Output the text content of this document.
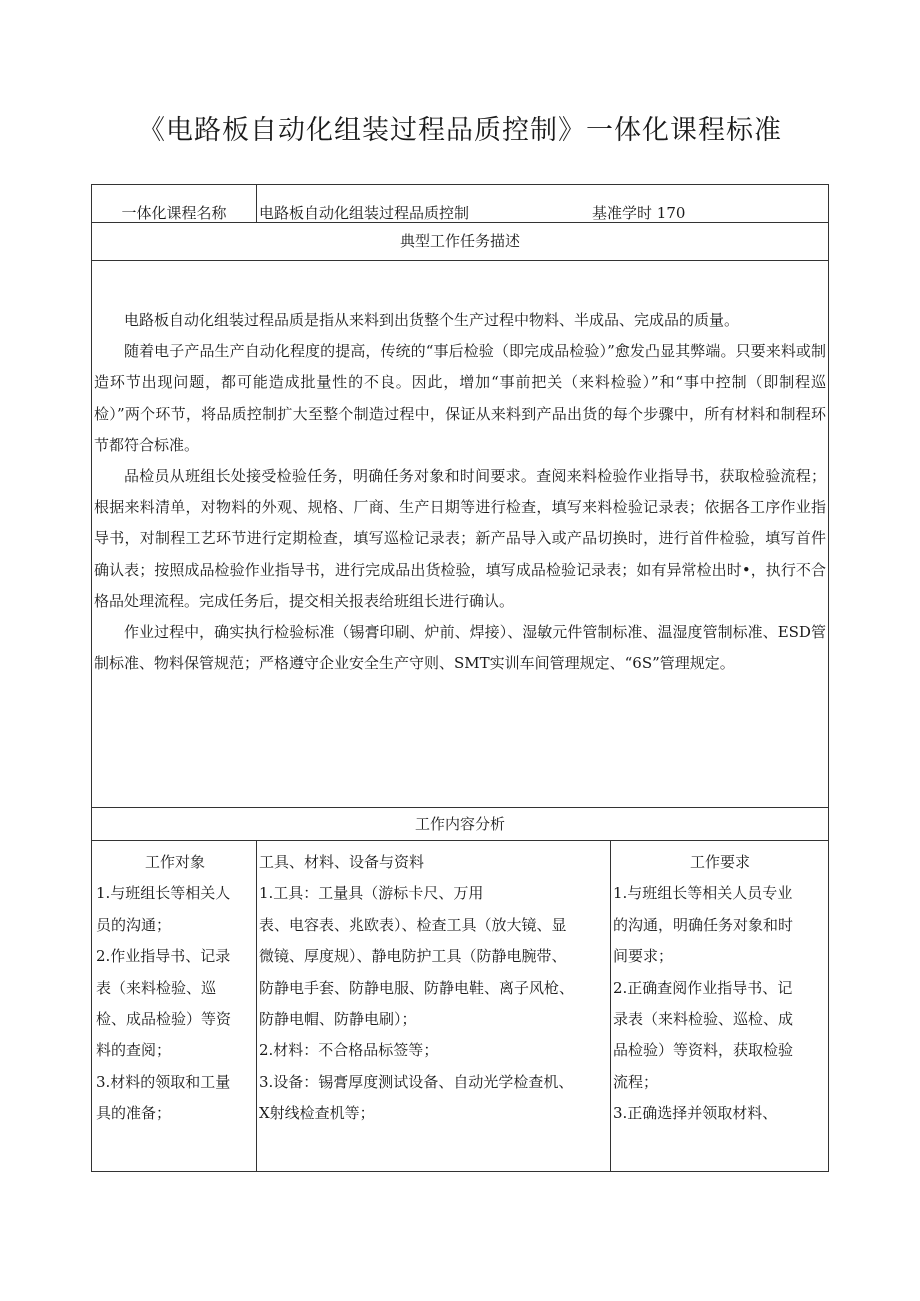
《电路板自动化组装过程品质控制》一体化课程标准
一体化课程名称	电路板自动化组装过程品质控制	基准学时 170
典型工作任务描述

电路板自动化组装过程品质是指从来料到出货整个生产过程中物料、半成品、完成品的质量。

随着电子产品生产自动化程度的提高，传统的“事后检验（即完成品检验）”愈发凸显其弊端。只要来料或制造环节出现问题，都可能造成批量性的不良。因此，增加“事前把关（来料检验）”和“事中控制（即制程巡检）”两个环节，将品质控制扩大至整个制造过程中，保证从来料到产品出货的每个步骤中，所有材料和制程环节都符合标准。

品检员从班组长处接受检验任务，明确任务对象和时间要求。查阅来料检验作业指导书，获取检验流程；根据来料清单，对物料的外观、规格、厂商、生产日期等进行检查，填写来料检验记录表；依据各工序作业指导书，对制程工艺环节进行定期检查，填写巡检记录表；新产品导入或产品切换时，进行首件检验，填写首件确认表；按照成品检验作业指导书，进行完成品出货检验，填写成品检验记录表；如有异常检出时•，执行不合格品处理流程。完成任务后，提交相关报表给班组长进行确认。

作业过程中，确实执行检验标准（锡膏印刷、炉前、焊接）、湿敏元件管制标准、温湿度管制标准、ESD管制标准、物料保管规范；严格遵守企业安全生产守则、SMT实训车间管理规定、“6S”管理规定。

工作内容分析
工作对象
1.与班组长等相关人
员的沟通；
2.作业指导书、记录
表（来料检验、巡
检、成品检验）等资
料的查阅；
3.材料的领取和工量
具的准备；
工具、材料、设备与资料
1.工具：工量具（游标卡尺、万用
表、电容表、兆欧表）、检查工具（放大镜、显
微镜、厚度规）、静电防护工具（防静电腕带、
防静电手套、防静电服、防静电鞋、离子风枪、
防静电帽、防静电刷）；
2.材料：不合格品标签等；
3.设备：锡膏厚度测试设备、自动光学检查机、
X射线检查机等；
工作要求
1.与班组长等相关人员专业
的沟通，明确任务对象和时
间要求；
2.正确查阅作业指导书、记
录表（来料检验、巡检、成
品检验）等资料，获取检验
流程；
3.正确选择并领取材料、
